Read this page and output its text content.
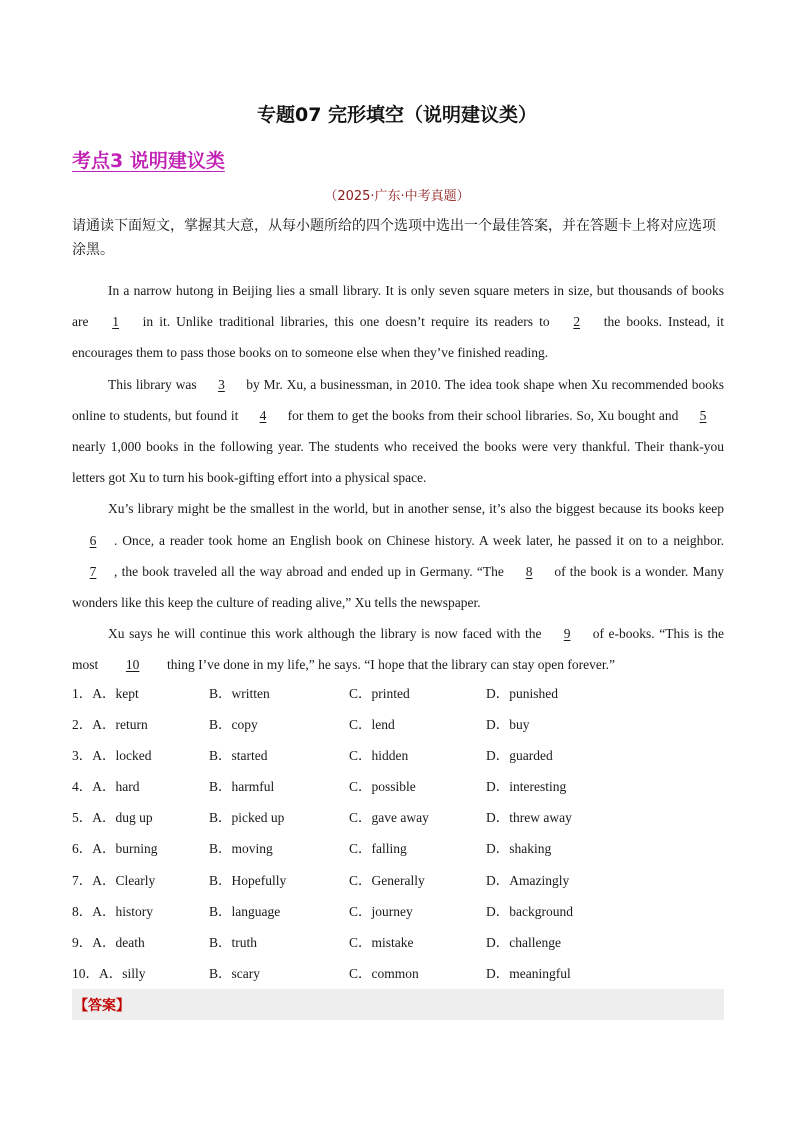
专题07 完形填空（说明建议类）
考点3 说明建议类
（2025·广东·中考真题）
请通读下面短文，掌握其大意，从每小题所给的四个选项中选出一个最佳答案，并在答题卡上将对应选项涂黑。

In a narrow hutong in Beijing lies a small library. It is only seven square meters in size, but thousands of books are 1 in it. Unlike traditional libraries, this one doesn’t require its readers to 2 the books. Instead, it encourages them to pass those books on to someone else when they’ve finished reading.

This library was 3 by Mr. Xu, a businessman, in 2010. The idea took shape when Xu recommended books online to students, but found it 4 for them to get the books from their school libraries. So, Xu bought and 5 nearly 1,000 books in the following year. The students who received the books were very thankful. Their thank-you letters got Xu to turn his book-gifting effort into a physical space.

Xu’s library might be the smallest in the world, but in another sense, it’s also the biggest because its books keep 6 . Once, a reader took home an English book on Chinese history. A week later, he passed it on to a neighbor. 7 , the book traveled all the way abroad and ended up in Germany. “The 8 of the book is a wonder. Many wonders like this keep the culture of reading alive,” Xu tells the newspaper.

Xu says he will continue this work although the library is now faced with the 9 of e-books. “This is the most 10 thing I’ve done in my life,” he says. “I hope that the library can stay open forever.”

1．A．kept	B．written	C．printed	D．punished
2．A．return	B．copy	C．lend	D．buy
3．A．locked	B．started	C．hidden	D．guarded
4．A．hard	B．harmful	C．possible	D．interesting
5．A．dug up	B．picked up	C．gave away	D．threw away
6．A．burning	B．moving	C．falling	D．shaking
7．A．Clearly	B．Hopefully	C．Generally	D．Amazingly
8．A．history	B．language	C．journey	D．background
9．A．death	B．truth	C．mistake	D．challenge
10．A．silly	B．scary	C．common	D．meaningful
【答案】
